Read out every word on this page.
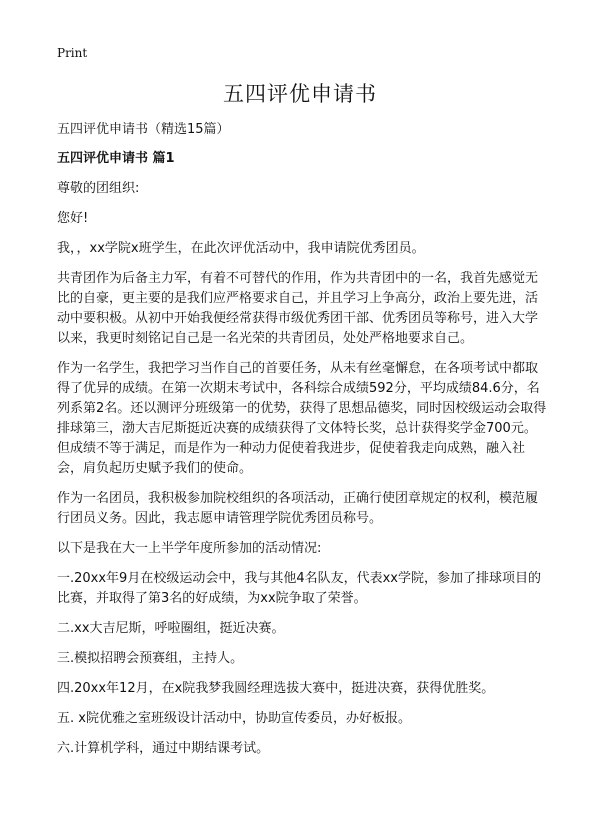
Print
五四评优申请书
五四评优申请书（精选15篇）
五四评优申请书 篇1
尊敬的团组织:
您好!
我，，xx学院x班学生，在此次评优活动中，我申请院优秀团员。
共青团作为后备主力军，有着不可替代的作用，作为共青团中的一名，我首先感觉无比的自豪，更主要的是我们应严格要求自己，并且学习上争高分，政治上要先进，活动中要积极。从初中开始我便经常获得市级优秀团干部、优秀团员等称号，进入大学以来，我更时刻铭记自己是一名光荣的共青团员，处处严格地要求自己。
作为一名学生，我把学习当作自己的首要任务，从未有丝毫懈怠，在各项考试中都取得了优异的成绩。在第一次期末考试中，各科综合成绩592分，平均成绩84.6分，名列系第2名。还以测评分班级第一的优势，获得了思想品德奖，同时因校级运动会取得排球第三，渤大吉尼斯挺近决赛的成绩获得了文体特长奖，总计获得奖学金700元。但成绩不等于满足，而是作为一种动力促使着我进步，促使着我走向成熟，融入社会，肩负起历史赋予我们的使命。
作为一名团员，我积极参加院校组织的各项活动，正确行使团章规定的权利，模范履行团员义务。因此，我志愿申请管理学院优秀团员称号。
以下是我在大一上半学年度所参加的活动情况:
一.20xx年9月在校级运动会中，我与其他4名队友，代表xx学院，参加了排球项目的比赛，并取得了第3名的好成绩，为xx院争取了荣誉。
二.xx大吉尼斯，呼啦圈组，挺近决赛。
三.模拟招聘会预赛组，主持人。
四.20xx年12月，在x院我梦我圆经理选拔大赛中，挺进决赛，获得优胜奖。
五. x院优雅之室班级设计活动中，协助宣传委员，办好板报。
六.计算机学科，通过中期结课考试。
